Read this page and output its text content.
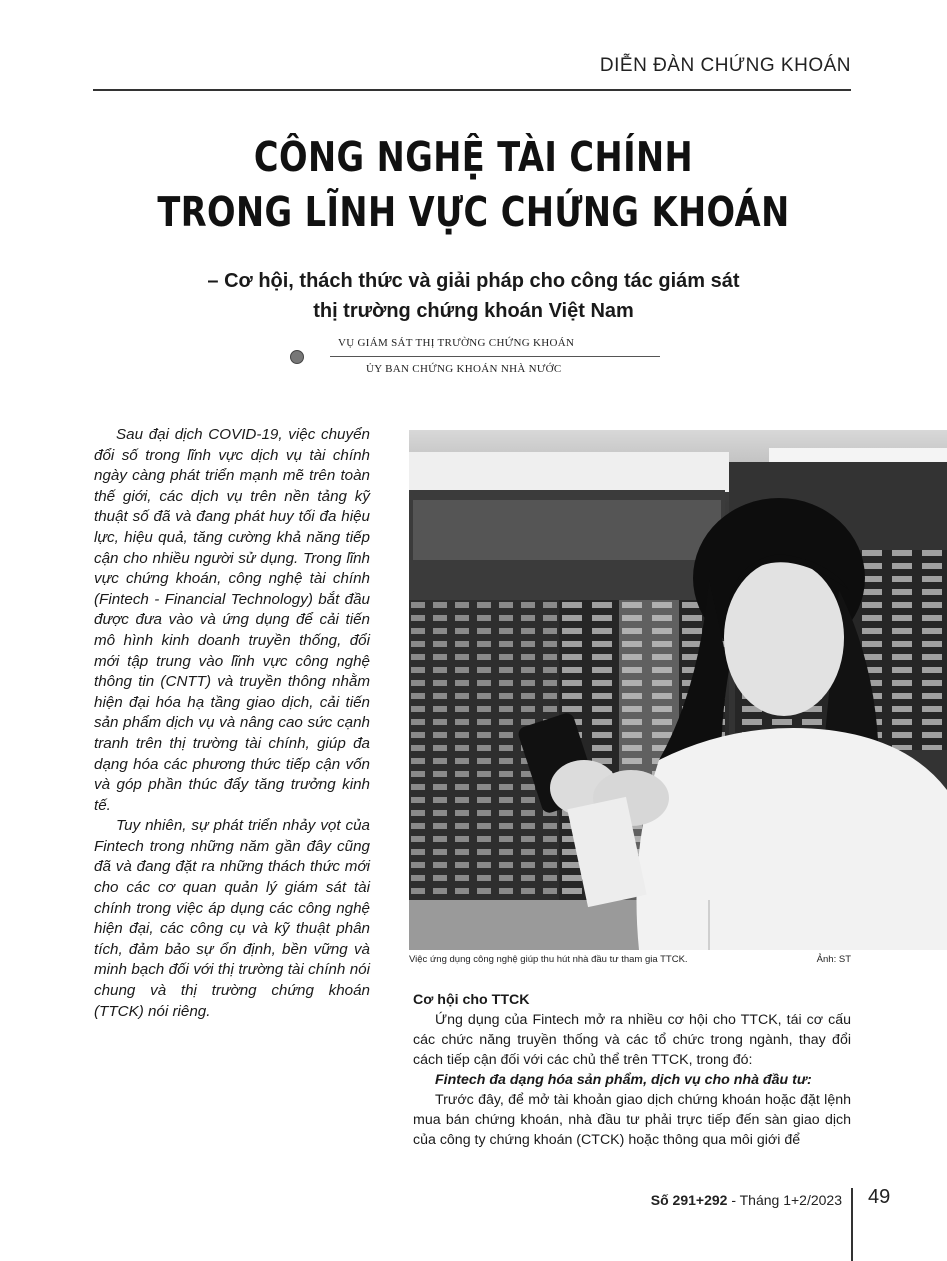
DIỄN ĐÀN CHỨNG KHOÁN
CÔNG NGHỆ TÀI CHÍNH
TRONG LĨNH VỰC CHỨNG KHOÁN
– Cơ hội, thách thức và giải pháp cho công tác giám sát
thị trường chứng khoán Việt Nam
VỤ GIÁM SÁT THỊ TRƯỜNG CHỨNG KHOÁN
ỦY BAN CHỨNG KHOÁN NHÀ NƯỚC

Sau đại dịch COVID-19, việc chuyển đổi số trong lĩnh vực dịch vụ tài chính ngày càng phát triển mạnh mẽ trên toàn thế giới, các dịch vụ trên nền tảng kỹ thuật số đã và đang phát huy tối đa hiệu lực, hiệu quả, tăng cường khả năng tiếp cận cho nhiều người sử dụng. Trong lĩnh vực chứng khoán, công nghệ tài chính (Fintech - Financial Technology) bắt đầu được đưa vào và ứng dụng để cải tiến mô hình kinh doanh truyền thống, đổi mới tập trung vào lĩnh vực công nghệ thông tin (CNTT) và truyền thông nhằm hiện đại hóa hạ tầng giao dịch, cải tiến sản phẩm dịch vụ và nâng cao sức cạnh tranh trên thị trường tài chính, giúp đa dạng hóa các phương thức tiếp cận vốn và góp phần thúc đẩy tăng trưởng kinh tế.

Tuy nhiên, sự phát triển nhảy vọt của Fintech trong những năm gần đây cũng đã và đang đặt ra những thách thức mới cho các cơ quan quản lý giám sát tài chính trong việc áp dụng các công nghệ hiện đại, các công cụ và kỹ thuật phân tích, đảm bảo sự ổn định, bền vững và minh bạch đối với thị trường tài chính nói chung và thị trường chứng khoán (TTCK) nói riêng.

Việc ứng dụng công nghệ giúp thu hút nhà đầu tư tham gia TTCK.	Ảnh: ST
Cơ hội cho TTCK

Ứng dụng của Fintech mở ra nhiều cơ hội cho TTCK, tái cơ cấu các chức năng truyền thống và các tổ chức trong ngành, thay đổi cách tiếp cận đối với các chủ thể trên TTCK, trong đó:

Fintech đa dạng hóa sản phẩm, dịch vụ cho nhà đầu tư:

Trước đây, để mở tài khoản giao dịch chứng khoán hoặc đặt lệnh mua bán chứng khoán, nhà đầu tư phải trực tiếp đến sàn giao dịch của công ty chứng khoán (CTCK) hoặc thông qua môi giới để

Số 291+292 - Tháng 1+2/2023 49
